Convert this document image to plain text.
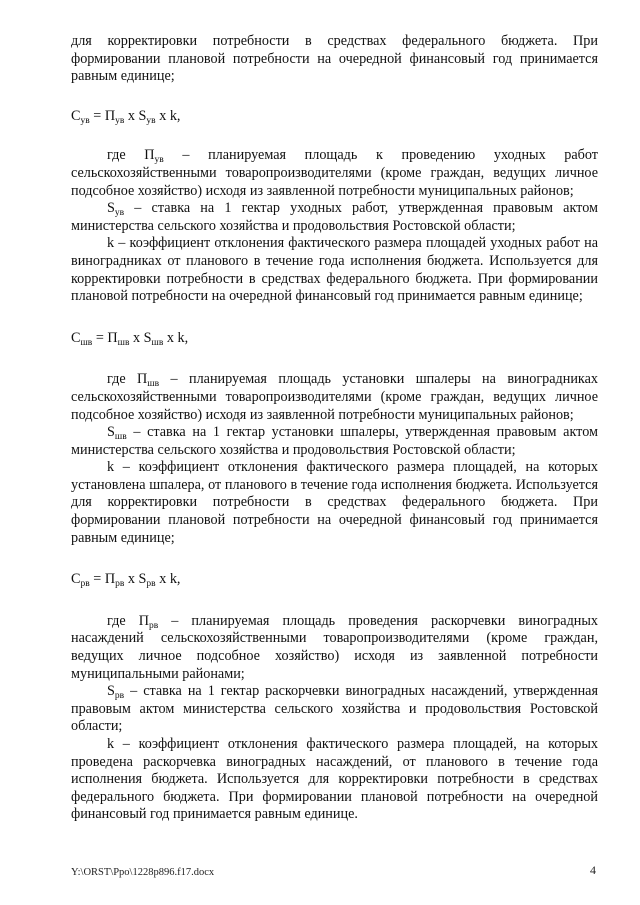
для корректировки потребности в средствах федерального бюджета. При формировании плановой потребности на очередной финансовый год принимается равным единице;

$С_{ув} = П_{ув}$ x $S_{ув}$ x k,

где $П_{ув}$ – планируемая площадь к проведению уходных работ сельскохозяйственными товаропроизводителями (кроме граждан, ведущих личное подсобное хозяйство) исходя из заявленной потребности муниципальных районов;

$S_{ув}$ – ставка на 1 гектар уходных работ, утвержденная правовым актом министерства сельского хозяйства и продовольствия Ростовской области;

k – коэффициент отклонения фактического размера площадей уходных работ на виноградниках от планового в течение года исполнения бюджета. Используется для корректировки потребности в средствах федерального бюджета. При формировании плановой потребности на очередной финансовый год принимается равным единице;

$С_{шв} = П_{шв}$ x $S_{шв}$ x k,

где $П_{шв}$ – планируемая площадь установки шпалеры на виноградниках сельскохозяйственными товаропроизводителями (кроме граждан, ведущих личное подсобное хозяйство) исходя из заявленной потребности муниципальных районов;

$S_{шв}$ – ставка на 1 гектар установки шпалеры, утвержденная правовым актом министерства сельского хозяйства и продовольствия Ростовской области;

k – коэффициент отклонения фактического размера площадей, на которых установлена шпалера, от планового в течение года исполнения бюджета. Используется для корректировки потребности в средствах федерального бюджета. При формировании плановой потребности на очередной финансовый год принимается равным единице;

$С_{рв} = П_{рв}$ x $S_{рв}$ x k,

где $П_{рв}$ – планируемая площадь проведения раскорчевки виноградных насаждений сельскохозяйственными товаропроизводителями (кроме граждан, ведущих личное подсобное хозяйство) исходя из заявленной потребности муниципальными районами;

$S_{рв}$ – ставка на 1 гектар раскорчевки виноградных насаждений, утвержденная правовым актом министерства сельского хозяйства и продовольствия Ростовской области;

k – коэффициент отклонения фактического размера площадей, на которых проведена раскорчевка виноградных насаждений, от планового в течение года исполнения бюджета. Используется для корректировки потребности в средствах федерального бюджета. При формировании плановой потребности на очередной финансовый год принимается равным единице.

Y:\ORST\Ppo\1228p896.f17.docx	4
